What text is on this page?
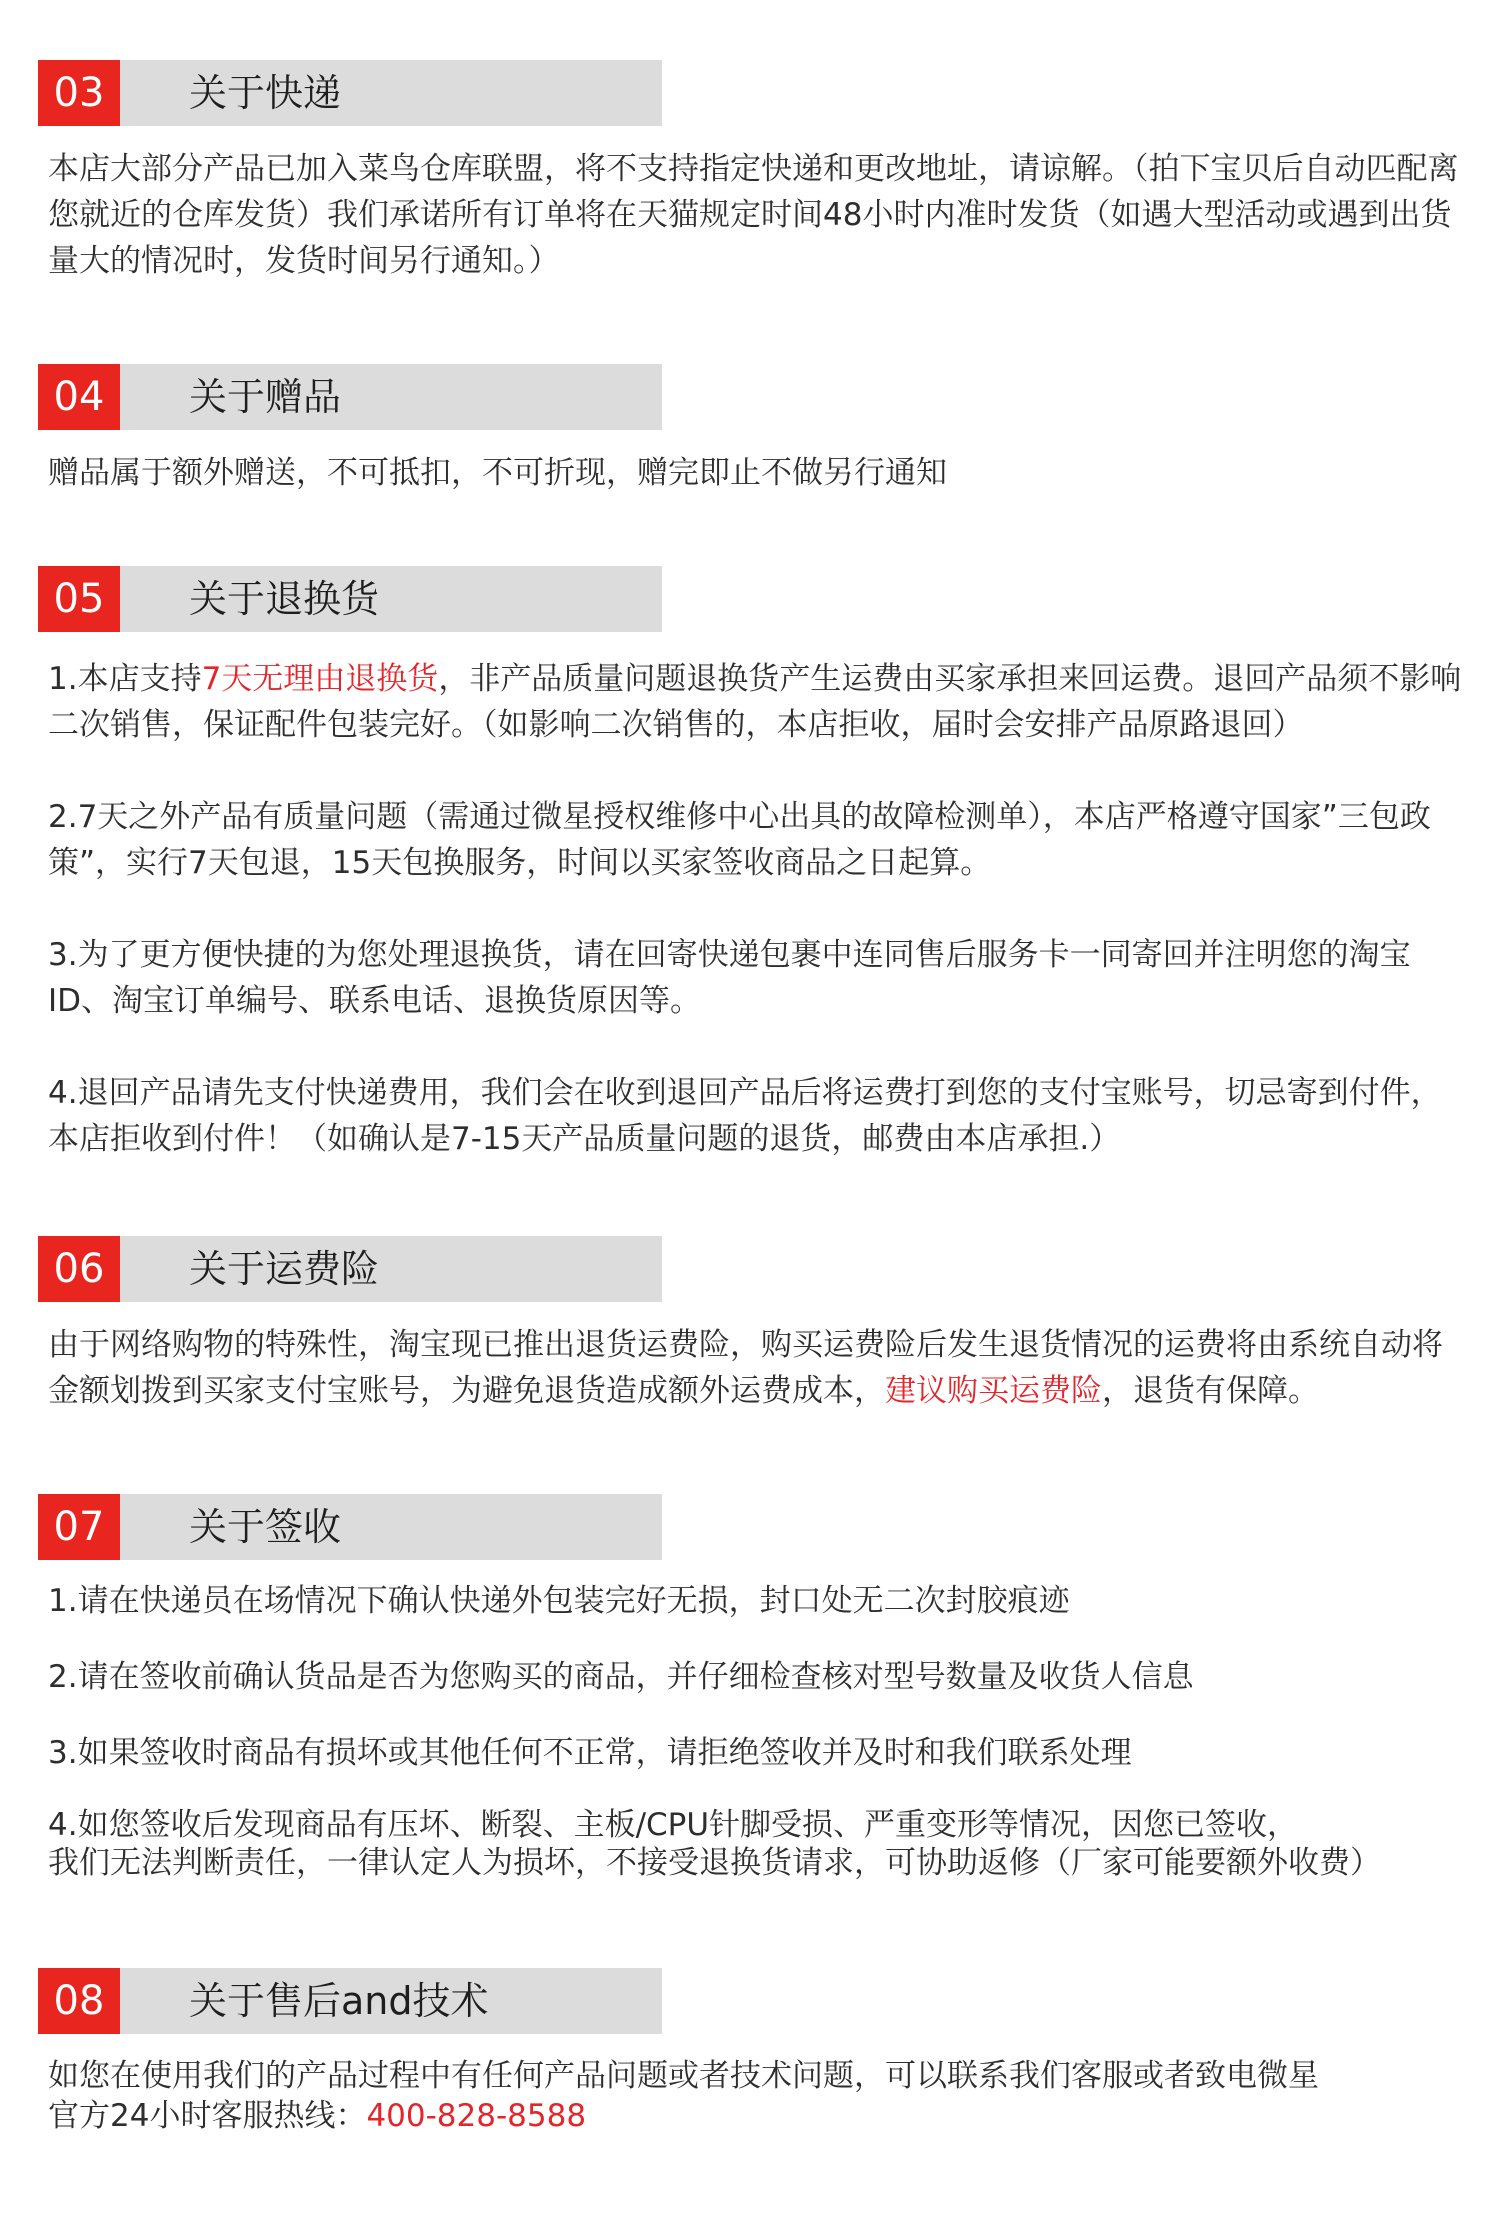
03	关于快递

本店大部分产品已加入菜鸟仓库联盟，将不支持指定快递和更改地址，请谅解。（拍下宝贝后自动匹配离您就近的仓库发货）我们承诺所有订单将在天猫规定时间48小时内准时发货（如遇大型活动或遇到出货量大的情况时，发货时间另行通知。）

04	关于赠品

赠品属于额外赠送，不可抵扣，不可折现，赠完即止不做另行通知

05	关于退换货

1.本店支持7天无理由退换货，非产品质量问题退换货产生运费由买家承担来回运费。退回产品须不影响二次销售，保证配件包装完好。（如影响二次销售的，本店拒收，届时会安排产品原路退回）

2.7天之外产品有质量问题（需通过微星授权维修中心出具的故障检测单），本店严格遵守国家”三包政策”，实行7天包退，15天包换服务，时间以买家签收商品之日起算。

3.为了更方便快捷的为您处理退换货，请在回寄快递包裹中连同售后服务卡一同寄回并注明您的淘宝ID、淘宝订单编号、联系电话、退换货原因等。

4.退回产品请先支付快递费用，我们会在收到退回产品后将运费打到您的支付宝账号，切忌寄到付件，本店拒收到付件！（如确认是7-15天产品质量问题的退货，邮费由本店承担.）

06	关于运费险

由于网络购物的特殊性，淘宝现已推出退货运费险，购买运费险后发生退货情况的运费将由系统自动将金额划拨到买家支付宝账号，为避免退货造成额外运费成本，建议购买运费险，退货有保障。

07	关于签收

1.请在快递员在场情况下确认快递外包装完好无损，封口处无二次封胶痕迹

2.请在签收前确认货品是否为您购买的商品，并仔细检查核对型号数量及收货人信息

3.如果签收时商品有损坏或其他任何不正常，请拒绝签收并及时和我们联系处理

4.如您签收后发现商品有压坏、断裂、主板/CPU针脚受损、严重变形等情况，因您已签收，
我们无法判断责任，一律认定人为损坏，不接受退换货请求，可协助返修（厂家可能要额外收费）

08	关于售后and技术

如您在使用我们的产品过程中有任何产品问题或者技术问题，可以联系我们客服或者致电微星
官方24小时客服热线：400-828-8588
